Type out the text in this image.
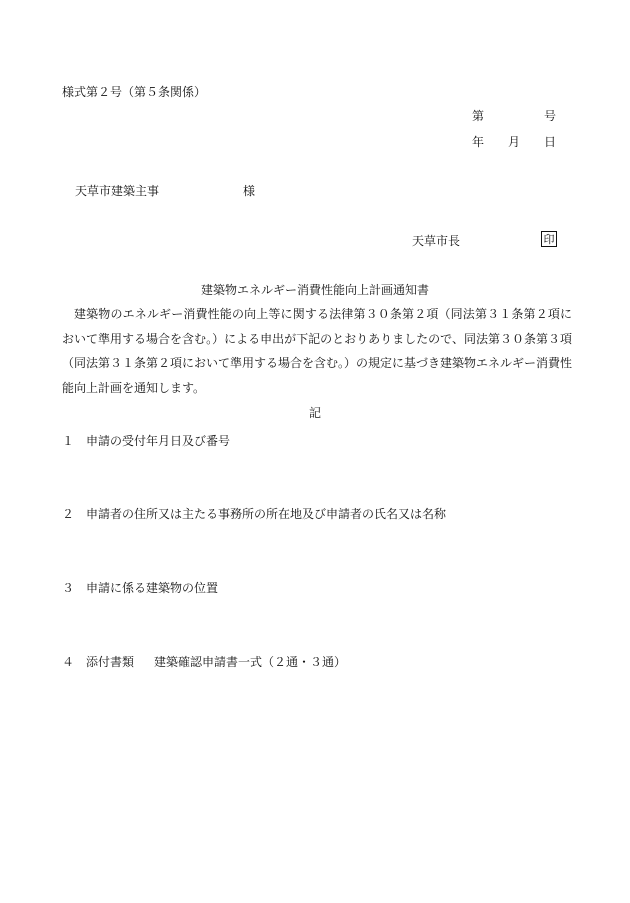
様式第２号（第５条関係）
第	号
年 月 日
天草市建築主事	様
天草市長	印
建築物エネルギー消費性能向上計画通知書
建築物のエネルギー消費性能の向上等に関する法律第３０条第２項（同法第３１条第２項において準用する場合を含む。）による申出が下記のとおりありましたので、同法第３０条第３項（同法第３１条第２項において準用する場合を含む。）の規定に基づき建築物エネルギー消費性能向上計画を通知します。
記
１ 申請の受付年月日及び番号
２ 申請者の住所又は主たる事務所の所在地及び申請者の氏名又は名称
３ 申請に係る建築物の位置
４ 添付書類 建築確認申請書一式（２通・３通）
